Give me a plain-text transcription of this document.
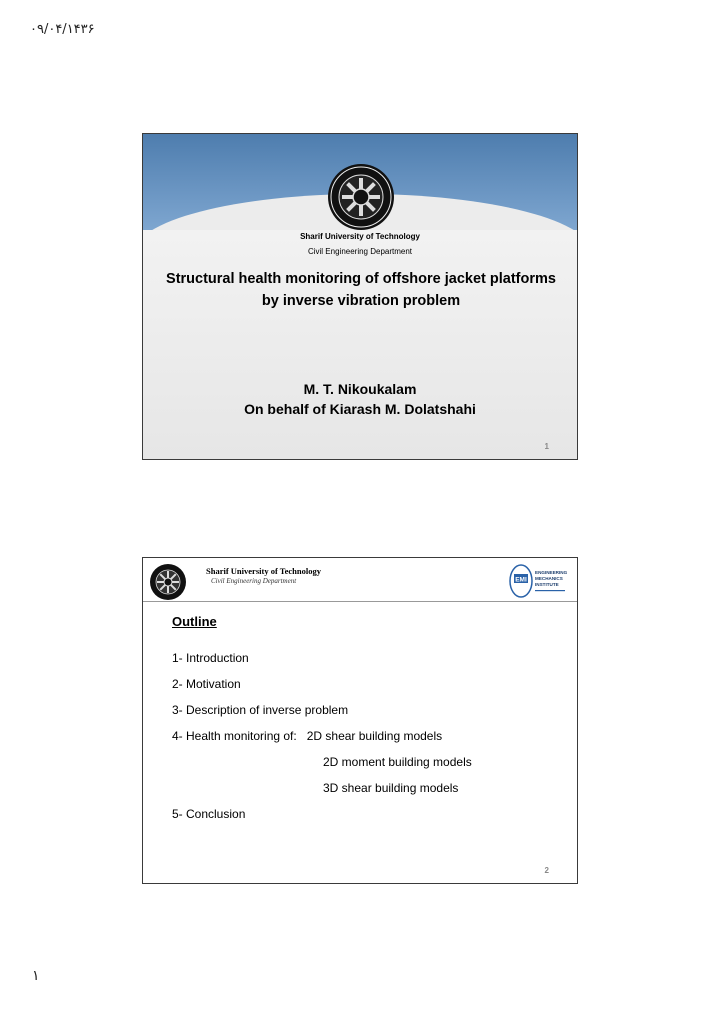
۰۹/۰۴/۱۴۳۶
Sharif University of Technology
Civil Engineering Department
Structural health monitoring of offshore jacket platforms
by inverse vibration problem
M. T. Nikoukalam
On behalf of Kiarash M. Dolatshahi
1
Sharif University of Technology
Civil Engineering Department	EMI
ENGINEERING
MECHANICS
INSTITUTE
Outline
1- Introduction
2- Motivation
3- Description of inverse problem
4- Health monitoring of:   2D shear building models
2D moment building models
3D shear building models
5- Conclusion
2
۱
